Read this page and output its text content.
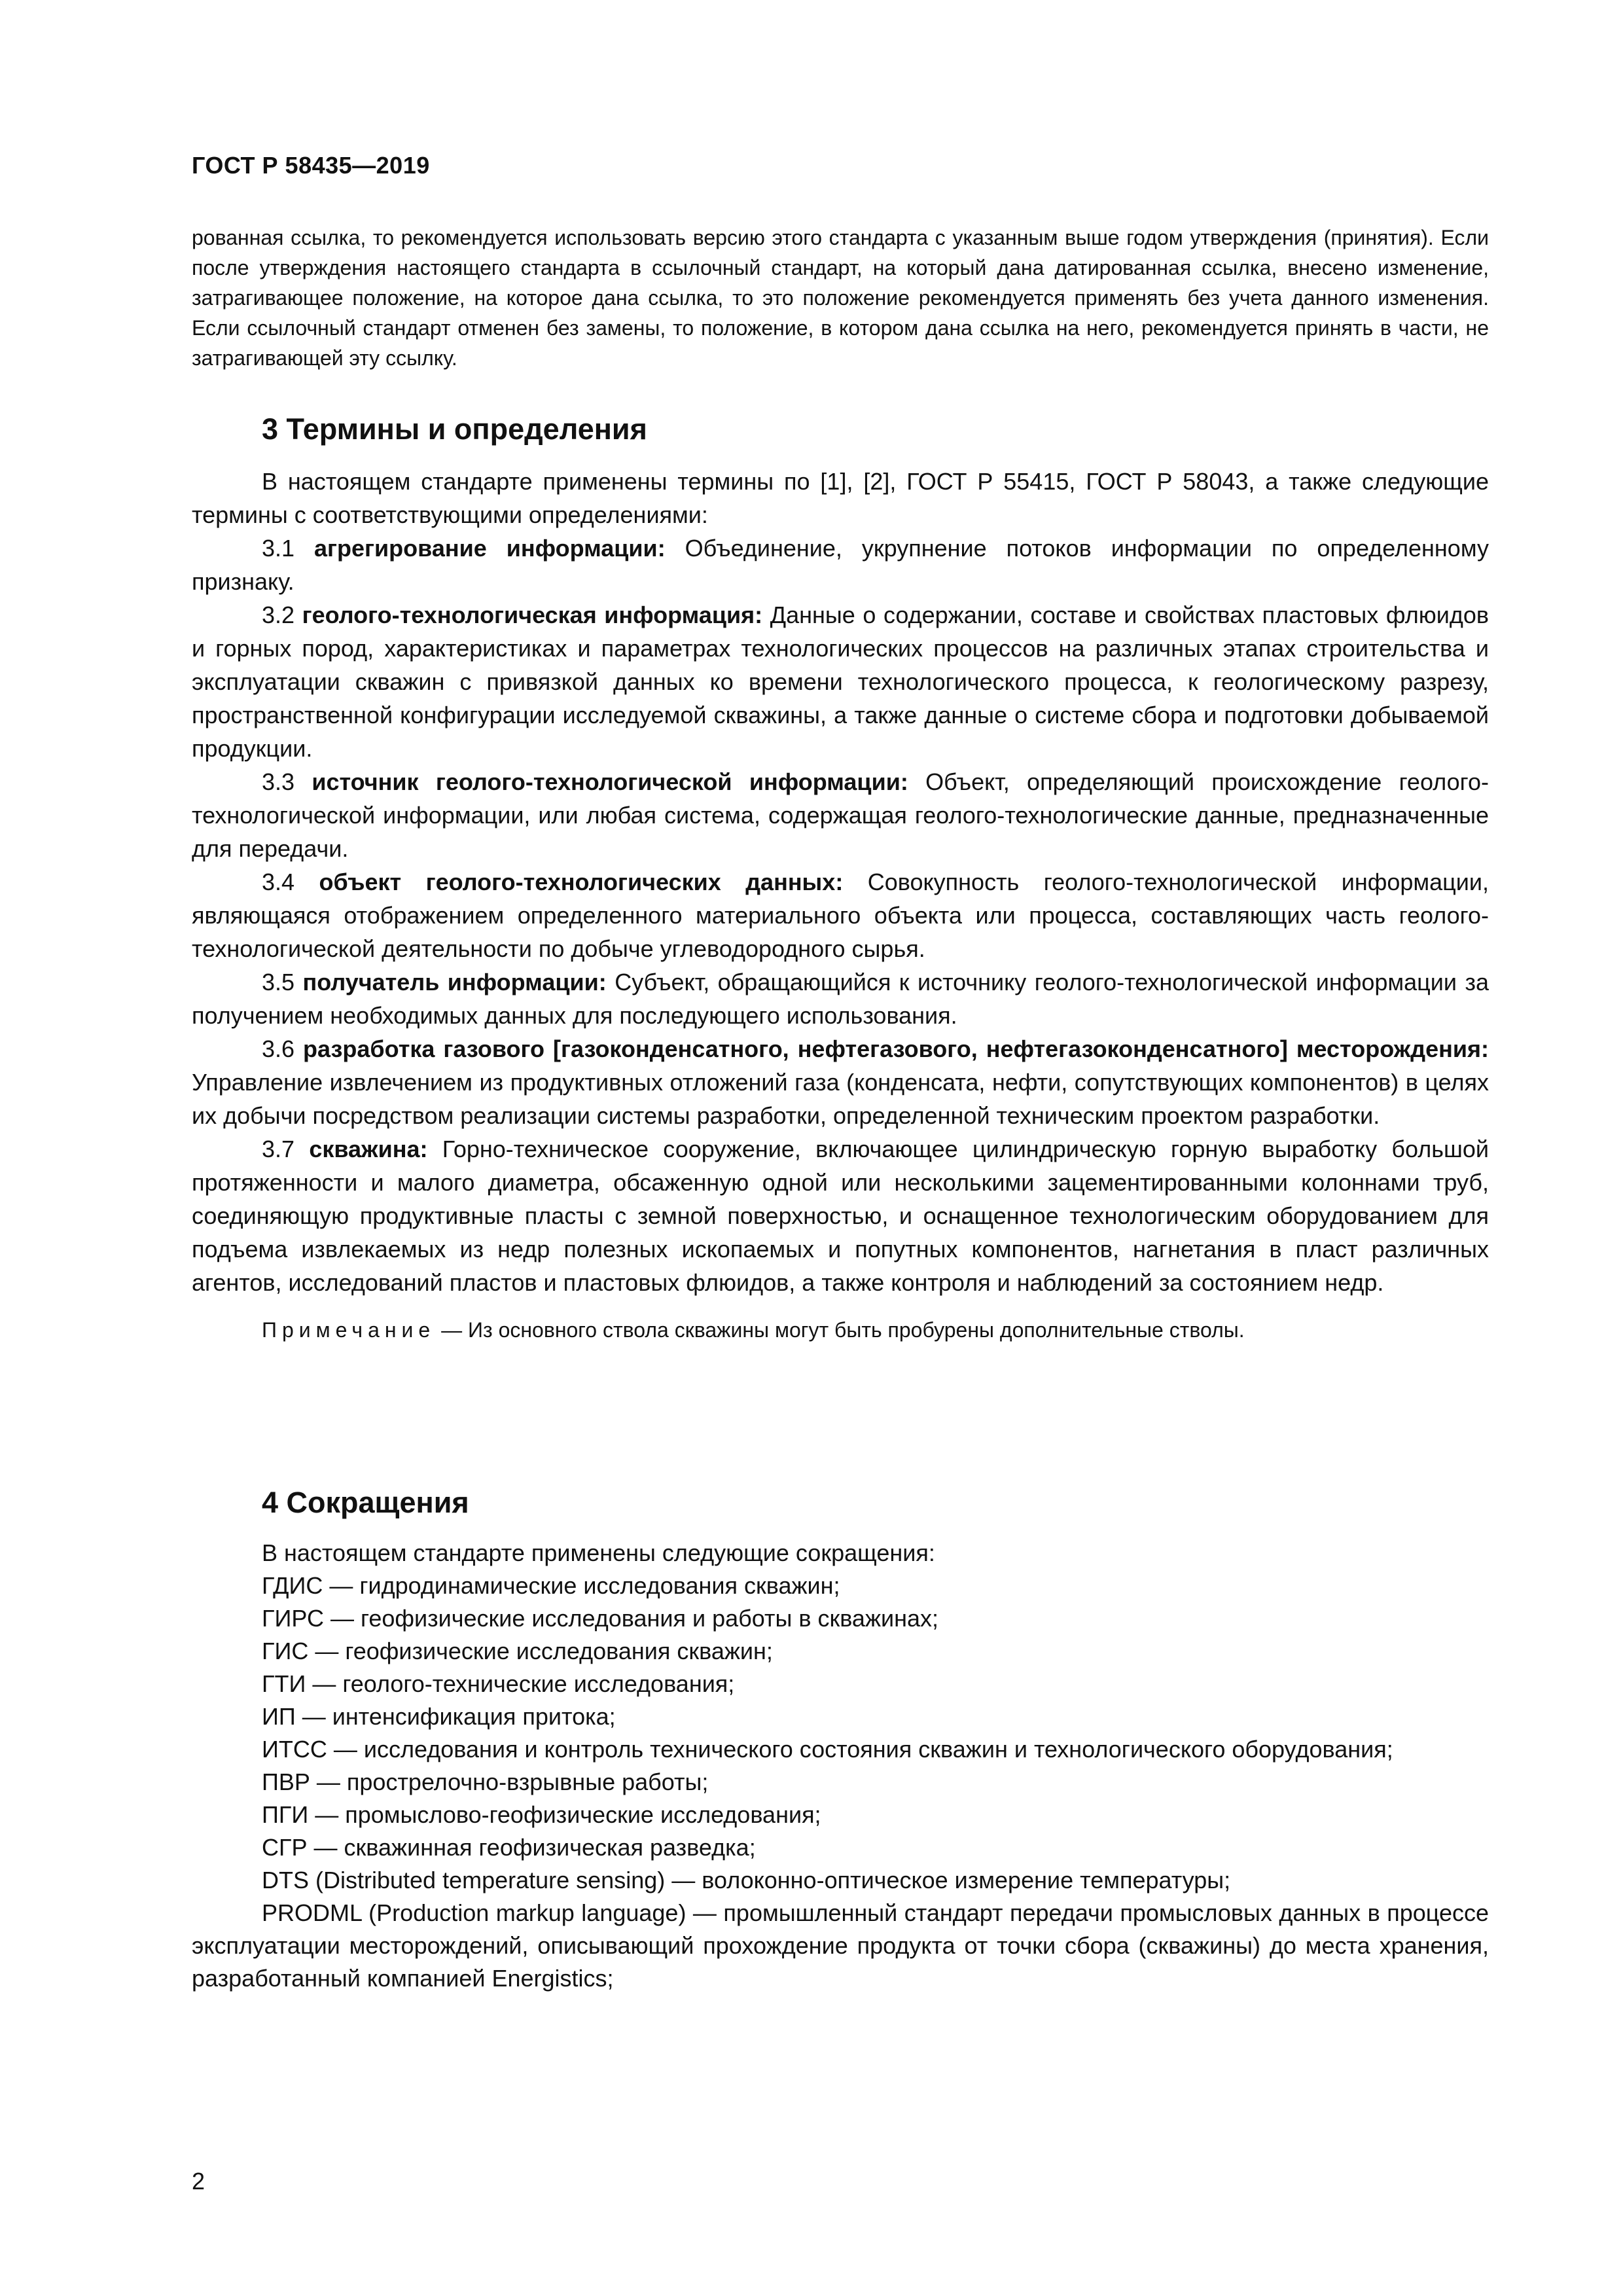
ГОСТ Р 58435—2019

рованная ссылка, то рекомендуется использовать версию этого стандарта с указанным выше годом утверждения (принятия). Если после утверждения настоящего стандарта в ссылочный стандарт, на который дана датированная ссылка, внесено изменение, затрагивающее положение, на которое дана ссылка, то это положение рекомендуется применять без учета данного изменения. Если ссылочный стандарт отменен без замены, то положение, в котором дана ссылка на него, рекомендуется принять в части, не затрагивающей эту ссылку.

3 Термины и определения

В настоящем стандарте применены термины по [1], [2], ГОСТ Р 55415, ГОСТ Р 58043, а также следующие термины с соответствующими определениями:

3.1 агрегирование информации: Объединение, укрупнение потоков информации по определенному признаку.

3.2 геолого-технологическая информация: Данные о содержании, составе и свойствах пластовых флюидов и горных пород, характеристиках и параметрах технологических процессов на различных этапах строительства и эксплуатации скважин с привязкой данных ко времени технологического процесса, к геологическому разрезу, пространственной конфигурации исследуемой скважины, а также данные о системе сбора и подготовки добываемой продукции.

3.3 источник геолого-технологической информации: Объект, определяющий происхождение геолого-технологической информации, или любая система, содержащая геолого-технологические данные, предназначенные для передачи.

3.4 объект геолого-технологических данных: Совокупность геолого-технологической информации, являющаяся отображением определенного материального объекта или процесса, составляющих часть геолого-технологической деятельности по добыче углеводородного сырья.

3.5 получатель информации: Субъект, обращающийся к источнику геолого-технологической информации за получением необходимых данных для последующего использования.

3.6 разработка газового [газоконденсатного, нефтегазового, нефтегазоконденсатного] месторождения: Управление извлечением из продуктивных отложений газа (конденсата, нефти, сопутствующих компонентов) в целях их добычи посредством реализации системы разработки, определенной техническим проектом разработки.

3.7 скважина: Горно-техническое сооружение, включающее цилиндрическую горную выработку большой протяженности и малого диаметра, обсаженную одной или несколькими зацементированными колоннами труб, соединяющую продуктивные пласты с земной поверхностью, и оснащенное технологическим оборудованием для подъема извлекаемых из недр полезных ископаемых и попутных компонентов, нагнетания в пласт различных агентов, исследований пластов и пластовых флюидов, а также контроля и наблюдений за состоянием недр.

Примечание — Из основного ствола скважины могут быть пробурены дополнительные стволы.

4 Сокращения

В настоящем стандарте применены следующие сокращения:

ГДИС — гидродинамические исследования скважин;

ГИРС — геофизические исследования и работы в скважинах;

ГИС — геофизические исследования скважин;

ГТИ — геолого-технические исследования;

ИП — интенсификация притока;

ИТСС — исследования и контроль технического состояния скважин и технологического оборудования;

ПВР — прострелочно-взрывные работы;

ПГИ — промыслово-геофизические исследования;

СГР — скважинная геофизическая разведка;

DTS (Distributed temperature sensing) — волоконно-оптическое измерение температуры;

PRODML (Production markup language) — промышленный стандарт передачи промысловых данных в процессе эксплуатации месторождений, описывающий прохождение продукта от точки сбора (скважины) до места хранения, разработанный компанией Energistics;

2
